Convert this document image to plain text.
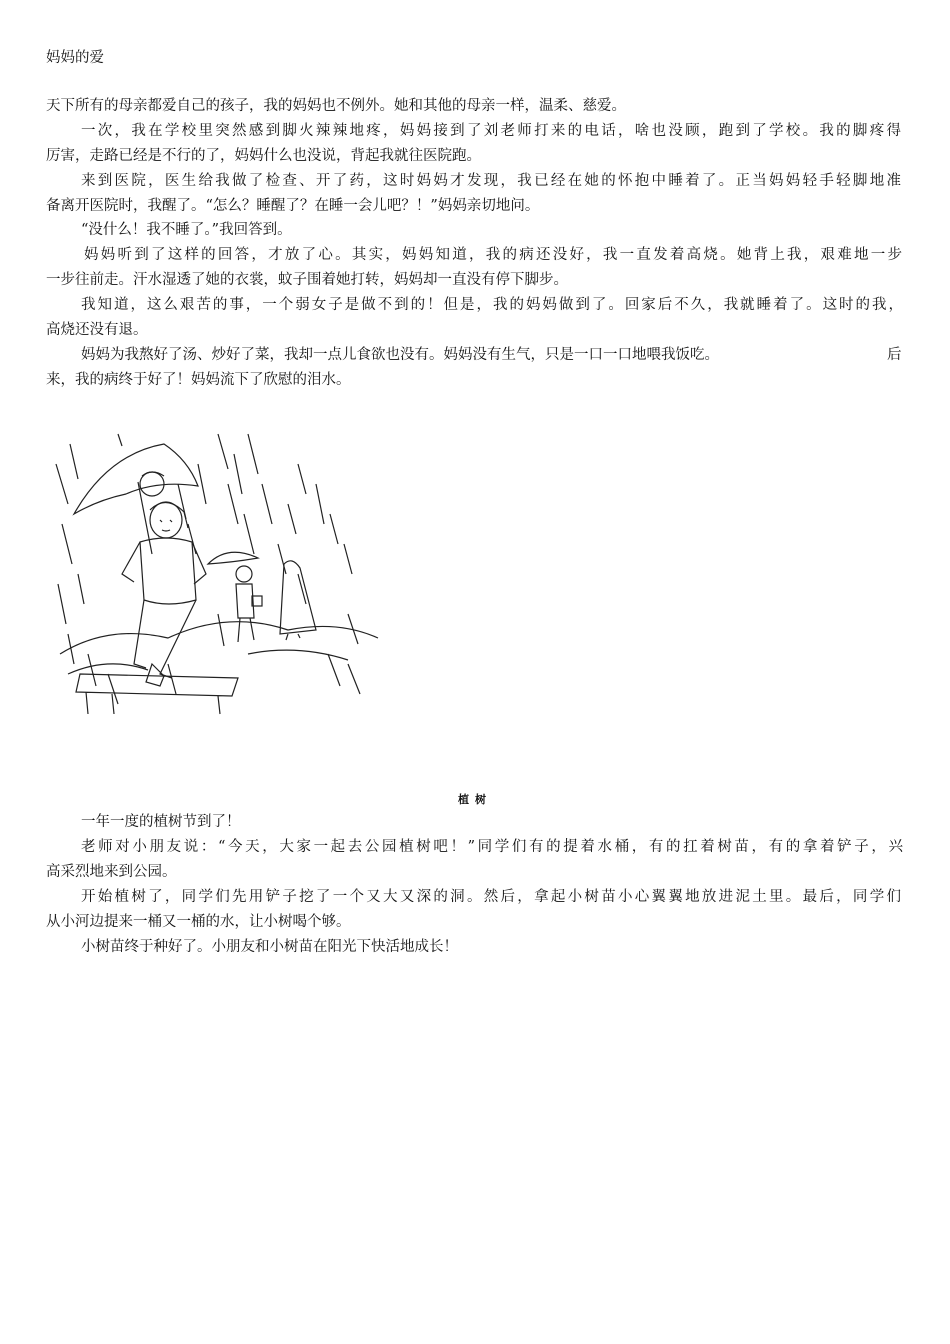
妈妈的爱
天下所有的母亲都爱自己的孩子，我的妈妈也不例外。她和其他的母亲一样，温柔、慈爱。
一次，我在学校里突然感到脚火辣辣地疼，妈妈接到了刘老师打来的电话，啥也没顾，跑到了学校。我的脚疼得
厉害，走路已经是不行的了，妈妈什么也没说，背起我就往医院跑。
来到医院，医生给我做了检查、开了药，这时妈妈才发现，我已经在她的怀抱中睡着了。正当妈妈轻手轻脚地准
备离开医院时，我醒了。“怎么？睡醒了？在睡一会儿吧？！”妈妈亲切地问。
“没什么！我不睡了。”我回答到。
妈妈听到了这样的回答，才放了心。其实，妈妈知道，我的病还没好，我一直发着高烧。她背上我，艰难地一步
一步往前走。汗水湿透了她的衣裳，蚊子围着她打转，妈妈却一直没有停下脚步。
我知道，这么艰苦的事，一个弱女子是做不到的！但是，我的妈妈做到了。回家后不久，我就睡着了。这时的我，
高烧还没有退。
妈妈为我熬好了汤、炒好了菜，我却一点儿食欲也没有。妈妈没有生气，只是一口一口地喂我饭吃。	后
来，我的病终于好了！妈妈流下了欣慰的泪水。
植树
一年一度的植树节到了！
老师对小朋友说：“今天，大家一起去公园植树吧！”同学们有的提着水桶，有的扛着树苗，有的拿着铲子，兴
高采烈地来到公园。
开始植树了，同学们先用铲子挖了一个又大又深的洞。然后，拿起小树苗小心翼翼地放进泥土里。最后，同学们
从小河边提来一桶又一桶的水，让小树喝个够。
小树苗终于种好了。小朋友和小树苗在阳光下快活地成长！
